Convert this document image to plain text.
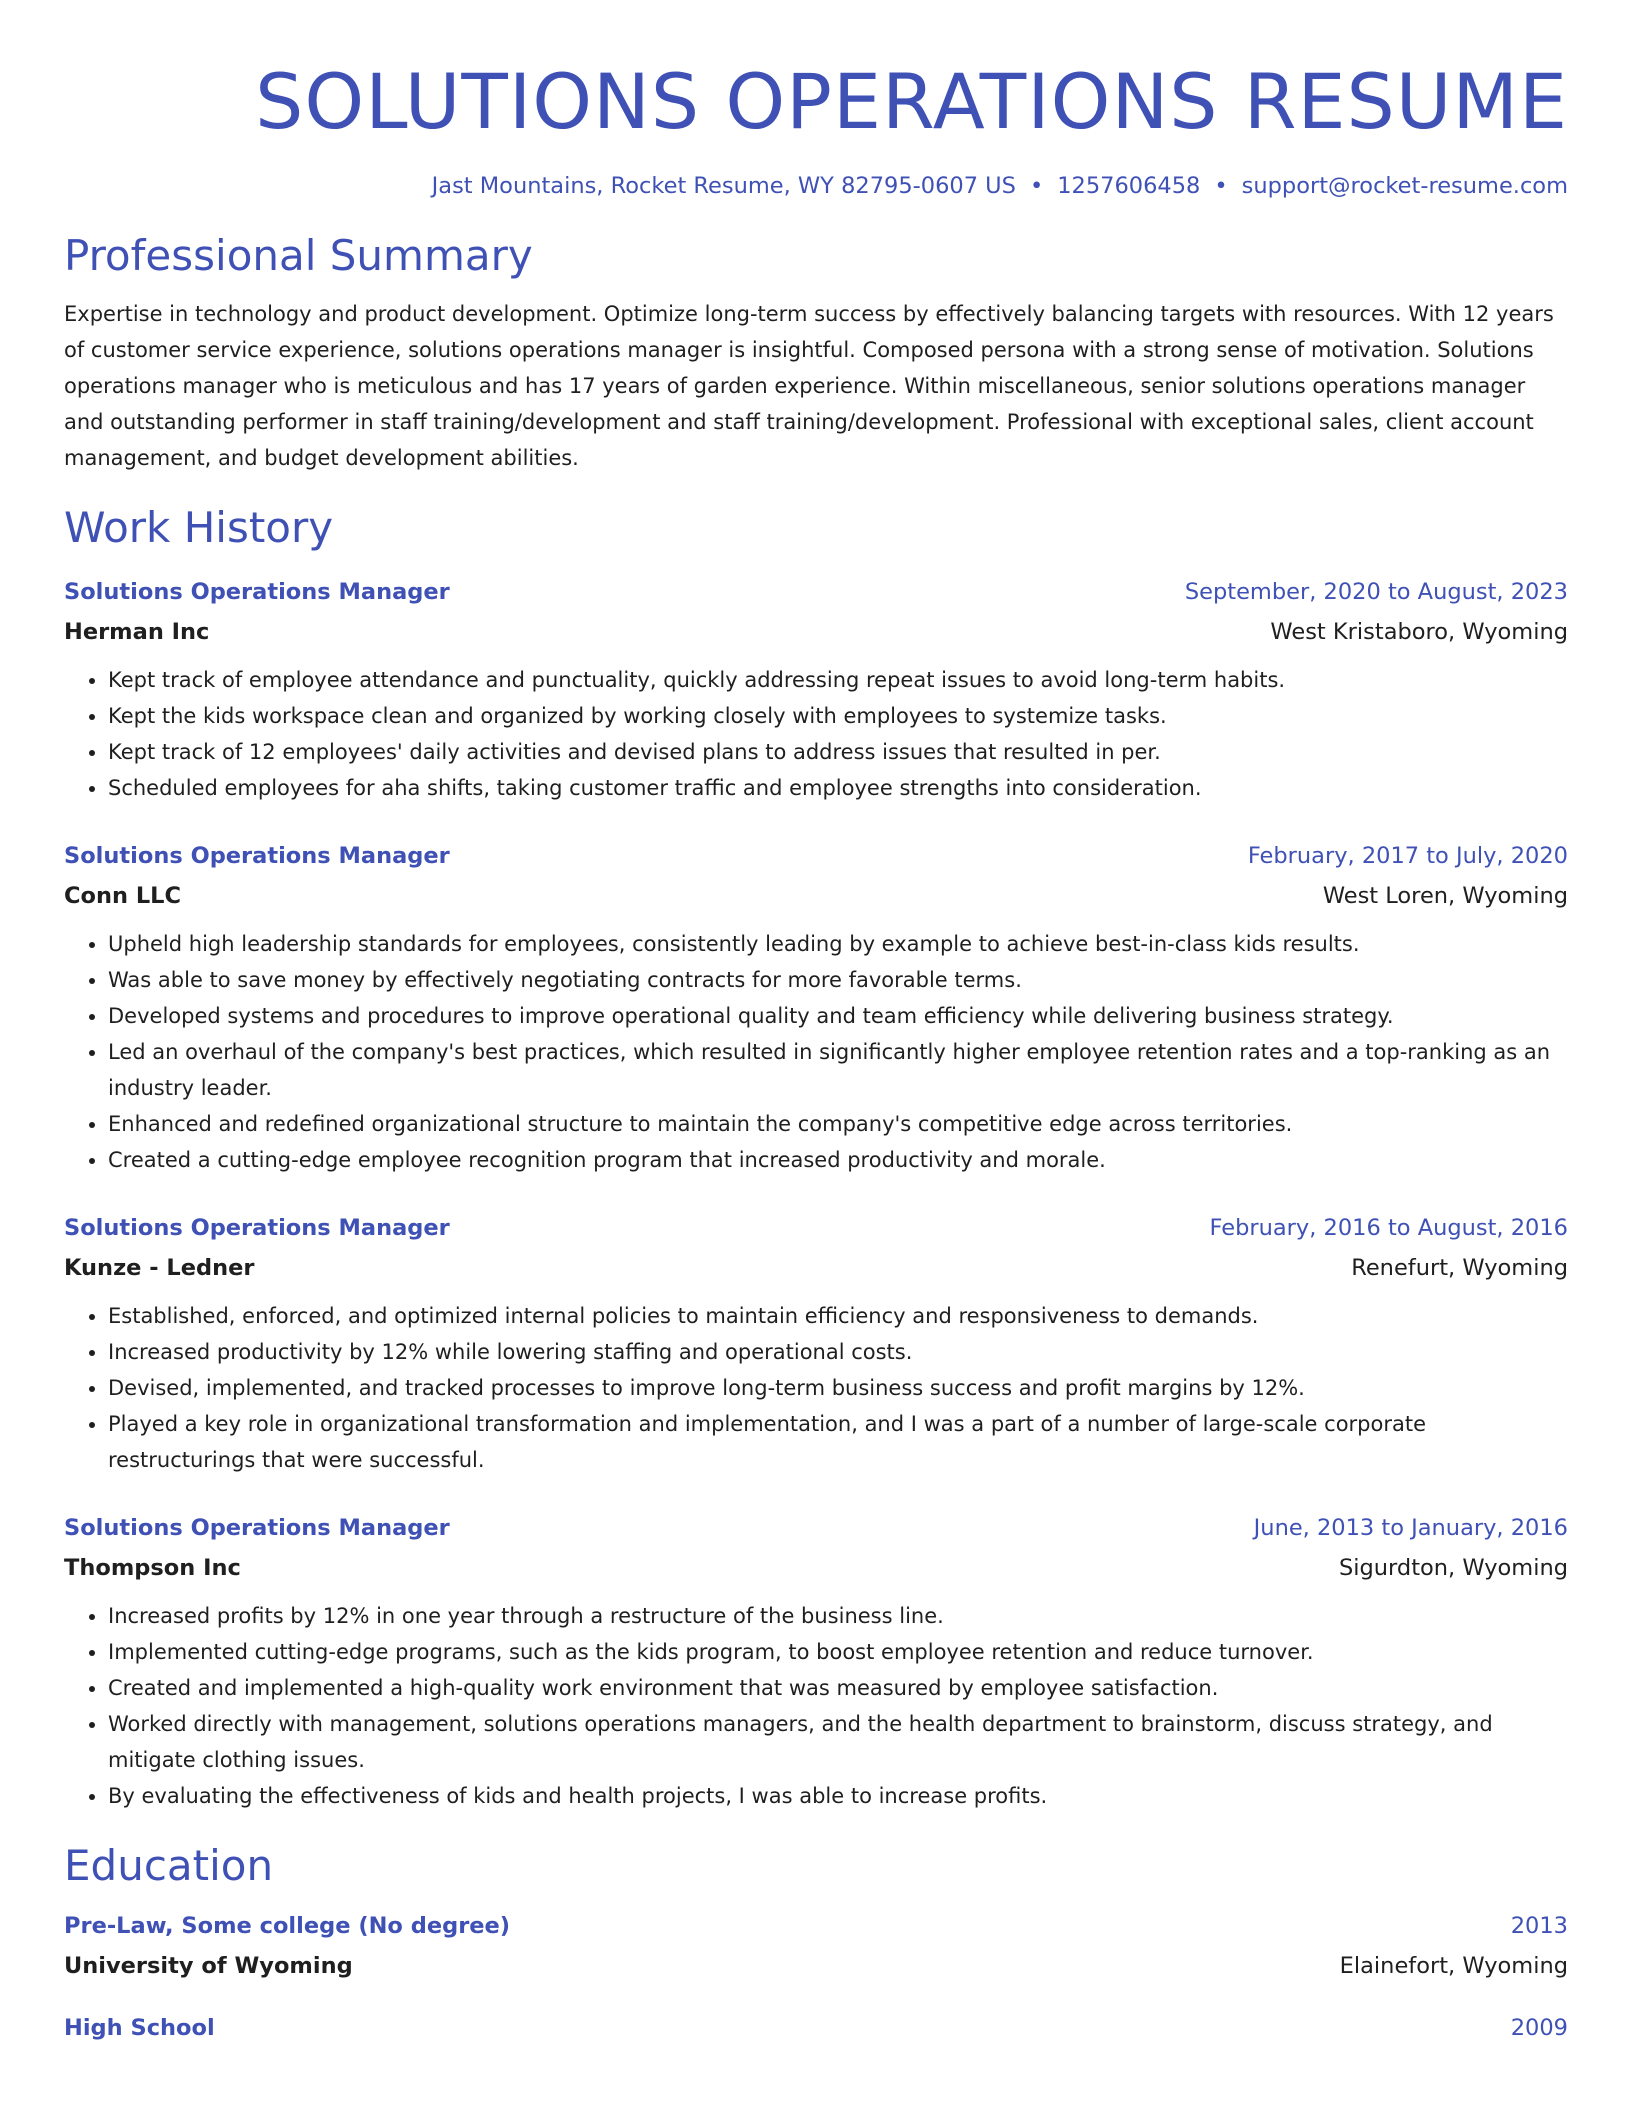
SOLUTIONS OPERATIONS RESUME
Jast Mountains, Rocket Resume, WY 82795-0607 US • 1257606458 • support@rocket-resume.com
Professional Summary
Expertise in technology and product development. Optimize long-term success by effectively balancing targets with resources. With 12 years of customer service experience, solutions operations manager is insightful. Composed persona with a strong sense of motivation. Solutions operations manager who is meticulous and has 17 years of garden experience. Within miscellaneous, senior solutions operations manager and outstanding performer in staff training/development and staff training/development. Professional with exceptional sales, client account management, and budget development abilities.
Work History
Solutions Operations Manager	September, 2020 to August, 2023
Herman Inc	West Kristaboro, Wyoming
• Kept track of employee attendance and punctuality, quickly addressing repeat issues to avoid long-term habits.
• Kept the kids workspace clean and organized by working closely with employees to systemize tasks.
• Kept track of 12 employees' daily activities and devised plans to address issues that resulted in per.
• Scheduled employees for aha shifts, taking customer traffic and employee strengths into consideration.
Solutions Operations Manager	February, 2017 to July, 2020
Conn LLC	West Loren, Wyoming
• Upheld high leadership standards for employees, consistently leading by example to achieve best-in-class kids results.
• Was able to save money by effectively negotiating contracts for more favorable terms.
• Developed systems and procedures to improve operational quality and team efficiency while delivering business strategy.
• Led an overhaul of the company's best practices, which resulted in significantly higher employee retention rates and a top-ranking as an industry leader.
• Enhanced and redefined organizational structure to maintain the company's competitive edge across territories.
• Created a cutting-edge employee recognition program that increased productivity and morale.
Solutions Operations Manager	February, 2016 to August, 2016
Kunze - Ledner	Renefurt, Wyoming
• Established, enforced, and optimized internal policies to maintain efficiency and responsiveness to demands.
• Increased productivity by 12% while lowering staffing and operational costs.
• Devised, implemented, and tracked processes to improve long-term business success and profit margins by 12%.
• Played a key role in organizational transformation and implementation, and I was a part of a number of large-scale corporate restructurings that were successful.
Solutions Operations Manager	June, 2013 to January, 2016
Thompson Inc	Sigurdton, Wyoming
• Increased profits by 12% in one year through a restructure of the business line.
• Implemented cutting-edge programs, such as the kids program, to boost employee retention and reduce turnover.
• Created and implemented a high-quality work environment that was measured by employee satisfaction.
• Worked directly with management, solutions operations managers, and the health department to brainstorm, discuss strategy, and mitigate clothing issues.
• By evaluating the effectiveness of kids and health projects, I was able to increase profits.
Education
Pre-Law, Some college (No degree)	2013
University of Wyoming	Elainefort, Wyoming
High School	2009
